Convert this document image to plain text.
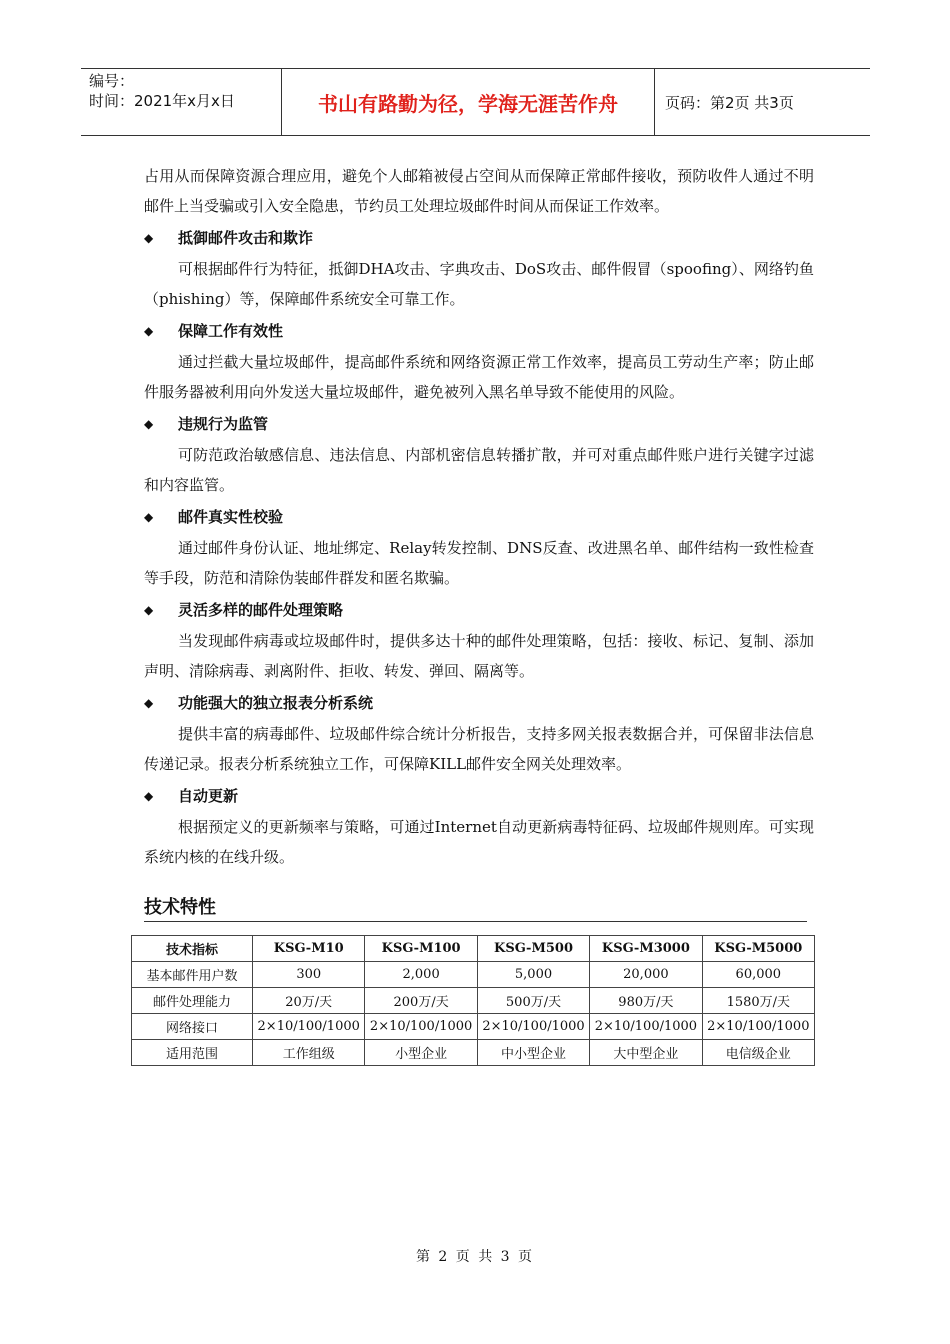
编号：
时间：2021年x月x日	书山有路勤为径，学海无涯苦作舟	页码：第2页 共3页

占用从而保障资源合理应用，避免个人邮箱被侵占空间从而保障正常邮件接收，预防收件人通过不明邮件上当受骗或引入安全隐患，节约员工处理垃圾邮件时间从而保证工作效率。

◆	抵御邮件攻击和欺诈

可根据邮件行为特征，抵御DHA攻击、字典攻击、DoS攻击、邮件假冒（spoofing）、网络钓鱼（phishing）等，保障邮件系统安全可靠工作。

◆	保障工作有效性

通过拦截大量垃圾邮件，提高邮件系统和网络资源正常工作效率，提高员工劳动生产率；防止邮件服务器被利用向外发送大量垃圾邮件，避免被列入黑名单导致不能使用的风险。

◆	违规行为监管

可防范政治敏感信息、违法信息、内部机密信息转播扩散，并可对重点邮件账户进行关键字过滤和内容监管。

◆	邮件真实性校验

通过邮件身份认证、地址绑定、Relay转发控制、DNS反查、改进黑名单、邮件结构一致性检查等手段，防范和清除伪装邮件群发和匿名欺骗。

◆	灵活多样的邮件处理策略

当发现邮件病毒或垃圾邮件时，提供多达十种的邮件处理策略，包括：接收、标记、复制、添加声明、清除病毒、剥离附件、拒收、转发、弹回、隔离等。

◆	功能强大的独立报表分析系统

提供丰富的病毒邮件、垃圾邮件综合统计分析报告，支持多网关报表数据合并，可保留非法信息传递记录。报表分析系统独立工作，可保障KILL邮件安全网关处理效率。

◆	自动更新

根据预定义的更新频率与策略，可通过Internet自动更新病毒特征码、垃圾邮件规则库。可实现系统内核的在线升级。

技术特性
技术指标	KSG-M10	KSG-M100	KSG-M500	KSG-M3000	KSG-M5000
基本邮件用户数	300	2,000	5,000	20,000	60,000
邮件处理能力	20万/天	200万/天	500万/天	980万/天	1580万/天
网络接口	2×10/100/1000	2×10/100/1000	2×10/100/1000	2×10/100/1000	2×10/100/1000
适用范围	工作组级	小型企业	中小型企业	大中型企业	电信级企业
第 2 页 共 3 页
